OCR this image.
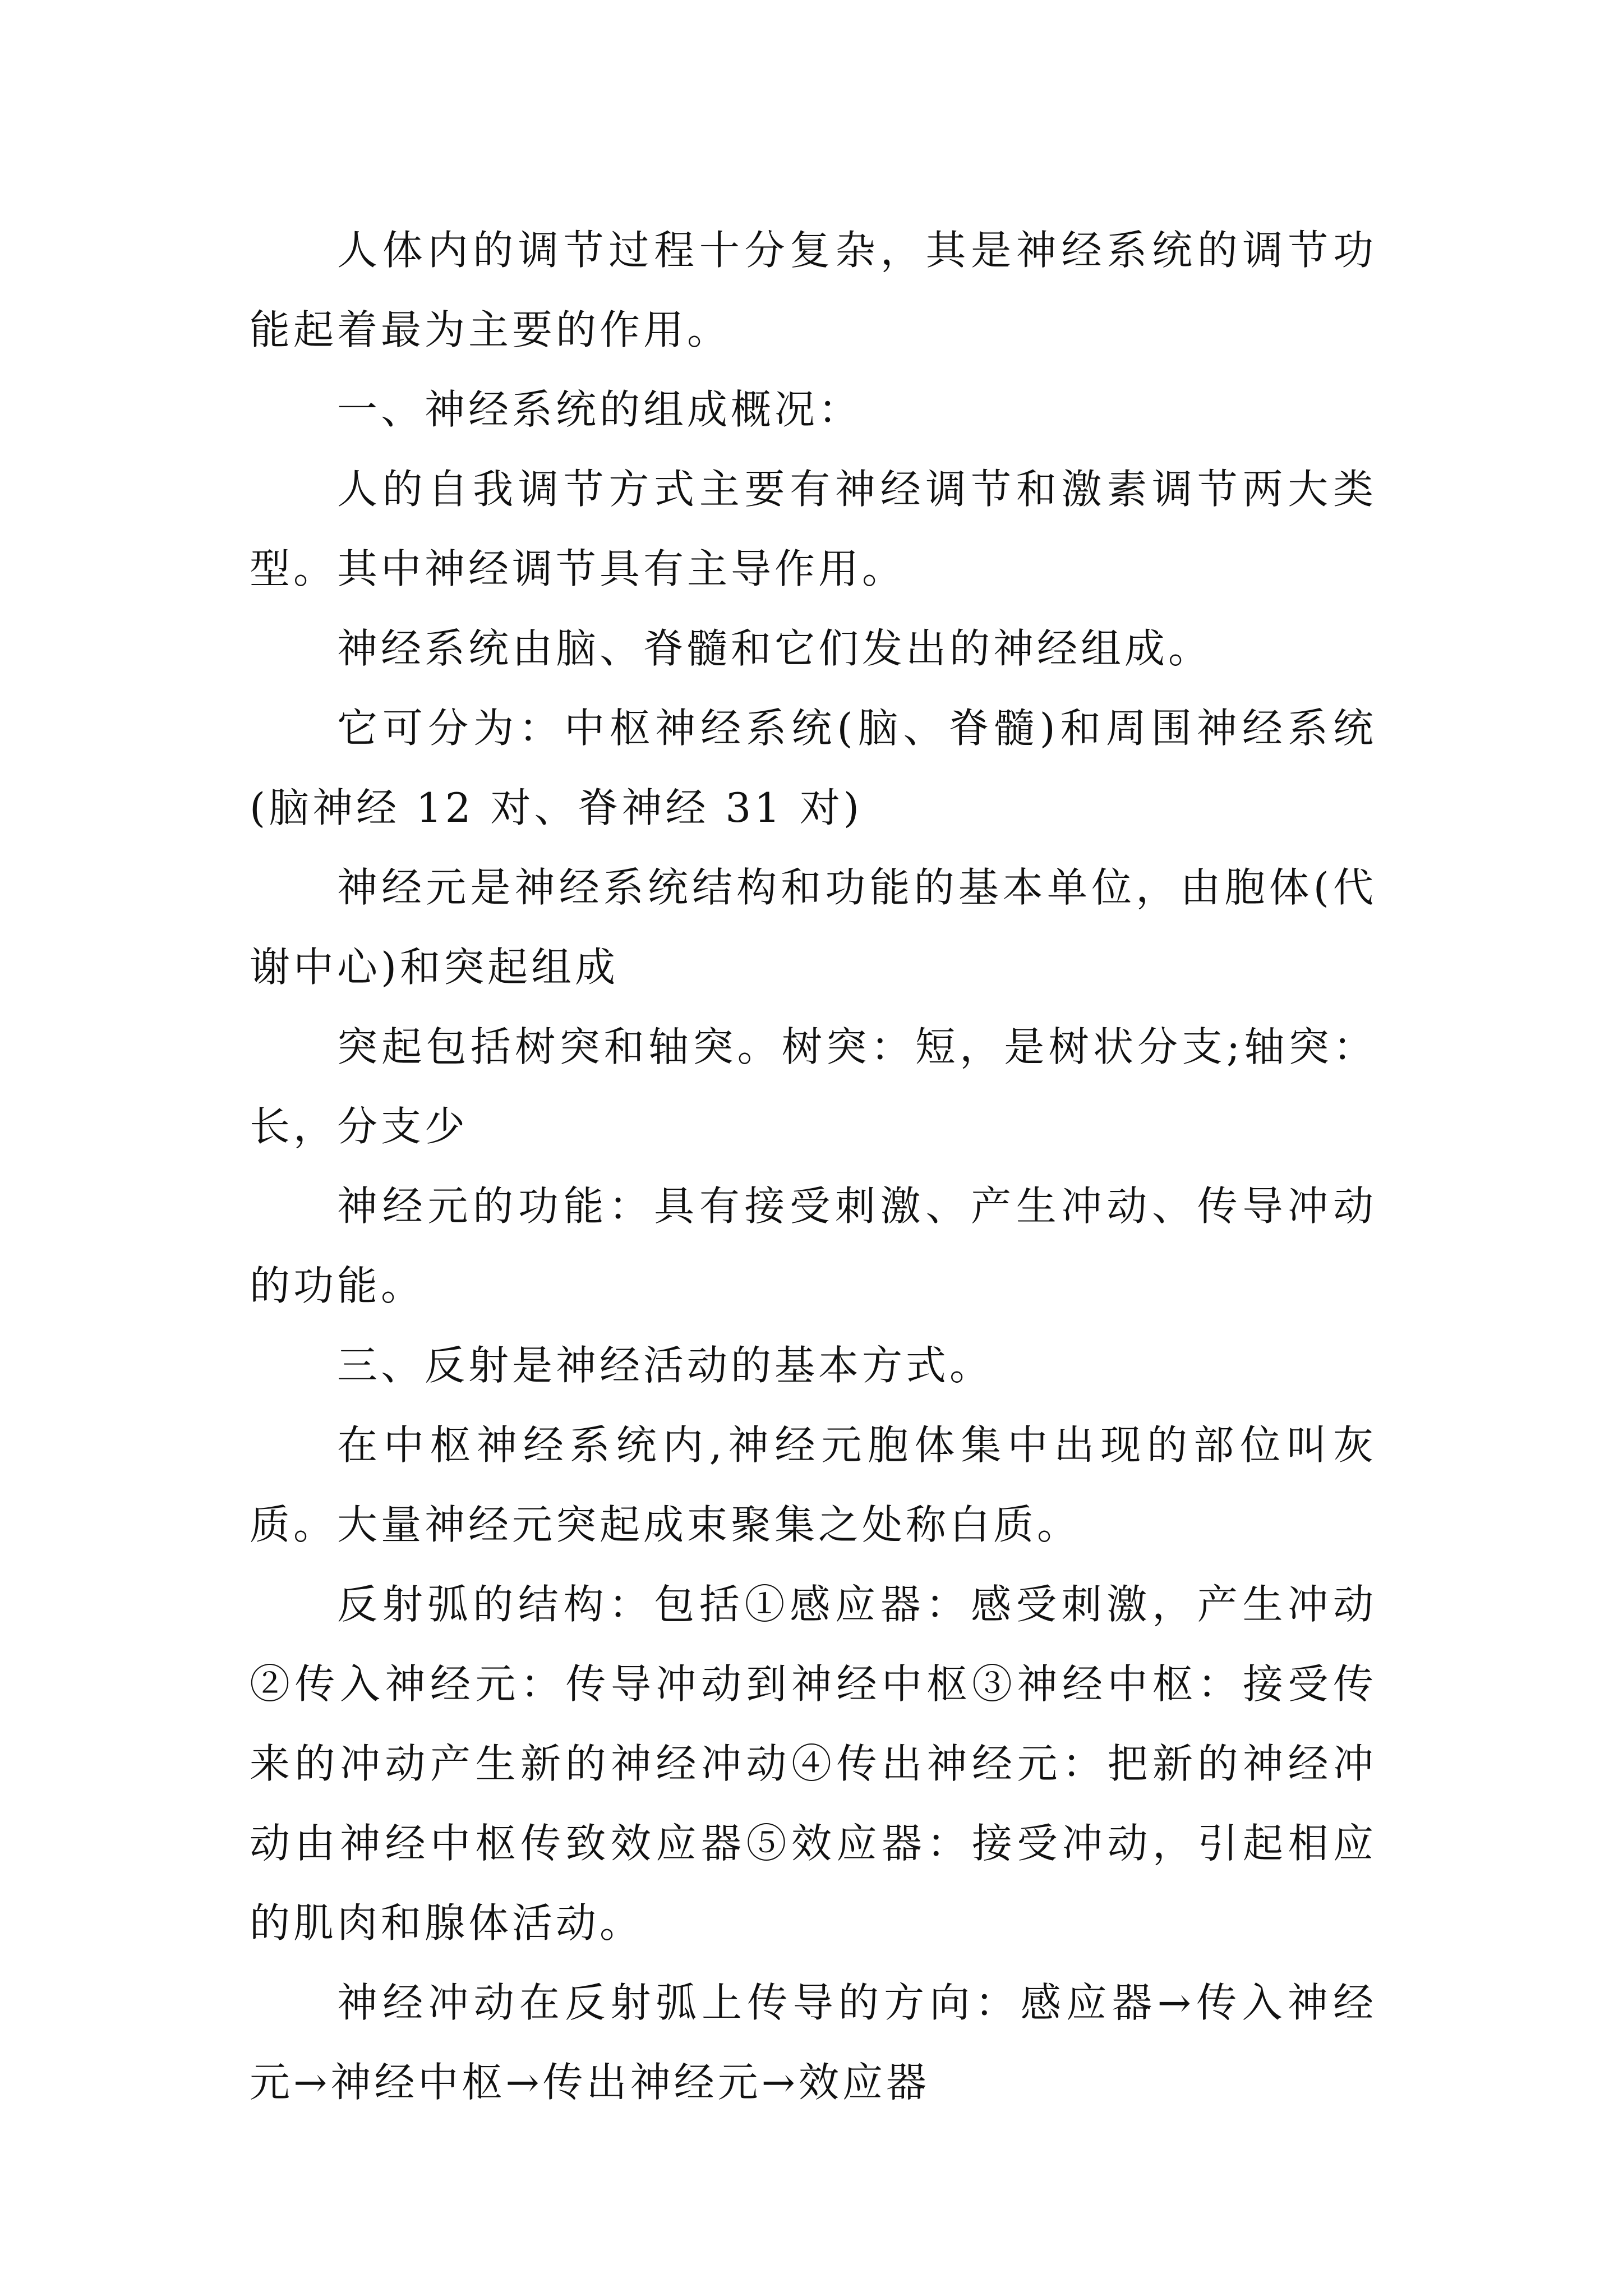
人体内的调节过程十分复杂，其是神经系统的调节功能起着最为主要的作用。

一、神经系统的组成概况：

人的自我调节方式主要有神经调节和激素调节两大类型。其中神经调节具有主导作用。

神经系统由脑、脊髓和它们发出的神经组成。

它可分为：中枢神经系统(脑、脊髓)和周围神经系统(脑神经 12 对、脊神经 31 对)

神经元是神经系统结构和功能的基本单位，由胞体(代谢中心)和突起组成

突起包括树突和轴突。树突：短，是树状分支;轴突：长，分支少

神经元的功能：具有接受刺激、产生冲动、传导冲动的功能。

三、反射是神经活动的基本方式。

在中枢神经系统内,神经元胞体集中出现的部位叫灰质。大量神经元突起成束聚集之处称白质。

反射弧的结构：包括①感应器：感受刺激，产生冲动②传入神经元：传导冲动到神经中枢③神经中枢：接受传来的冲动产生新的神经冲动④传出神经元：把新的神经冲动由神经中枢传致效应器⑤效应器：接受冲动，引起相应的肌肉和腺体活动。

神经冲动在反射弧上传导的方向：感应器→传入神经元→神经中枢→传出神经元→效应器
